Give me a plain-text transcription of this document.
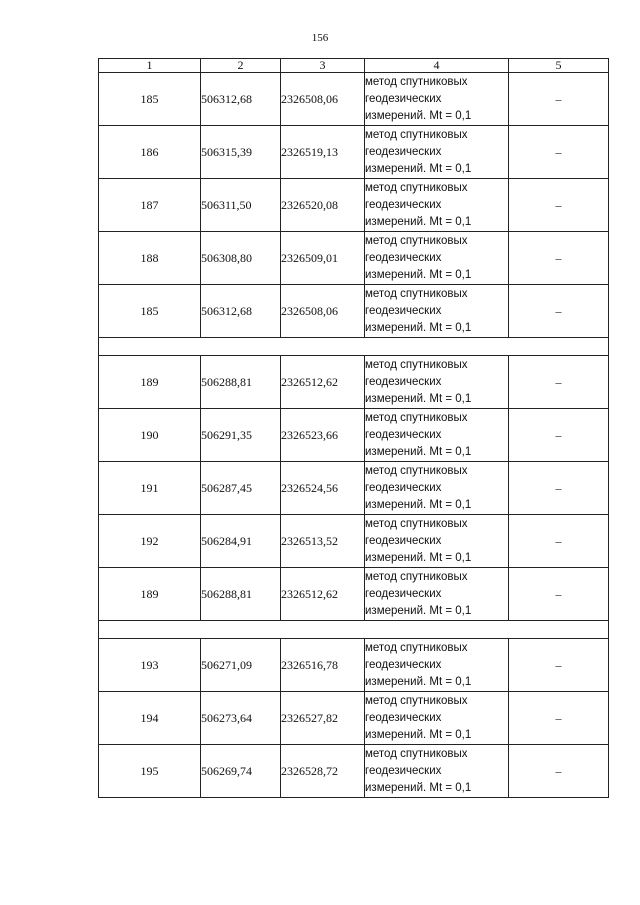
156
1	2	3	4	5
185	506312,68	2326508,06	метод спутниковых
геодезических
измерений. Mt = 0,1	–
186	506315,39	2326519,13	метод спутниковых
геодезических
измерений. Mt = 0,1	–
187	506311,50	2326520,08	метод спутниковых
геодезических
измерений. Mt = 0,1	–
188	506308,80	2326509,01	метод спутниковых
геодезических
измерений. Mt = 0,1	–
185	506312,68	2326508,06	метод спутниковых
геодезических
измерений. Mt = 0,1	–

189	506288,81	2326512,62	метод спутниковых
геодезических
измерений. Mt = 0,1	–
190	506291,35	2326523,66	метод спутниковых
геодезических
измерений. Mt = 0,1	–
191	506287,45	2326524,56	метод спутниковых
геодезических
измерений. Mt = 0,1	–
192	506284,91	2326513,52	метод спутниковых
геодезических
измерений. Mt = 0,1	–
189	506288,81	2326512,62	метод спутниковых
геодезических
измерений. Mt = 0,1	–

193	506271,09	2326516,78	метод спутниковых
геодезических
измерений. Mt = 0,1	–
194	506273,64	2326527,82	метод спутниковых
геодезических
измерений. Mt = 0,1	–
195	506269,74	2326528,72	метод спутниковых
геодезических
измерений. Mt = 0,1	–
